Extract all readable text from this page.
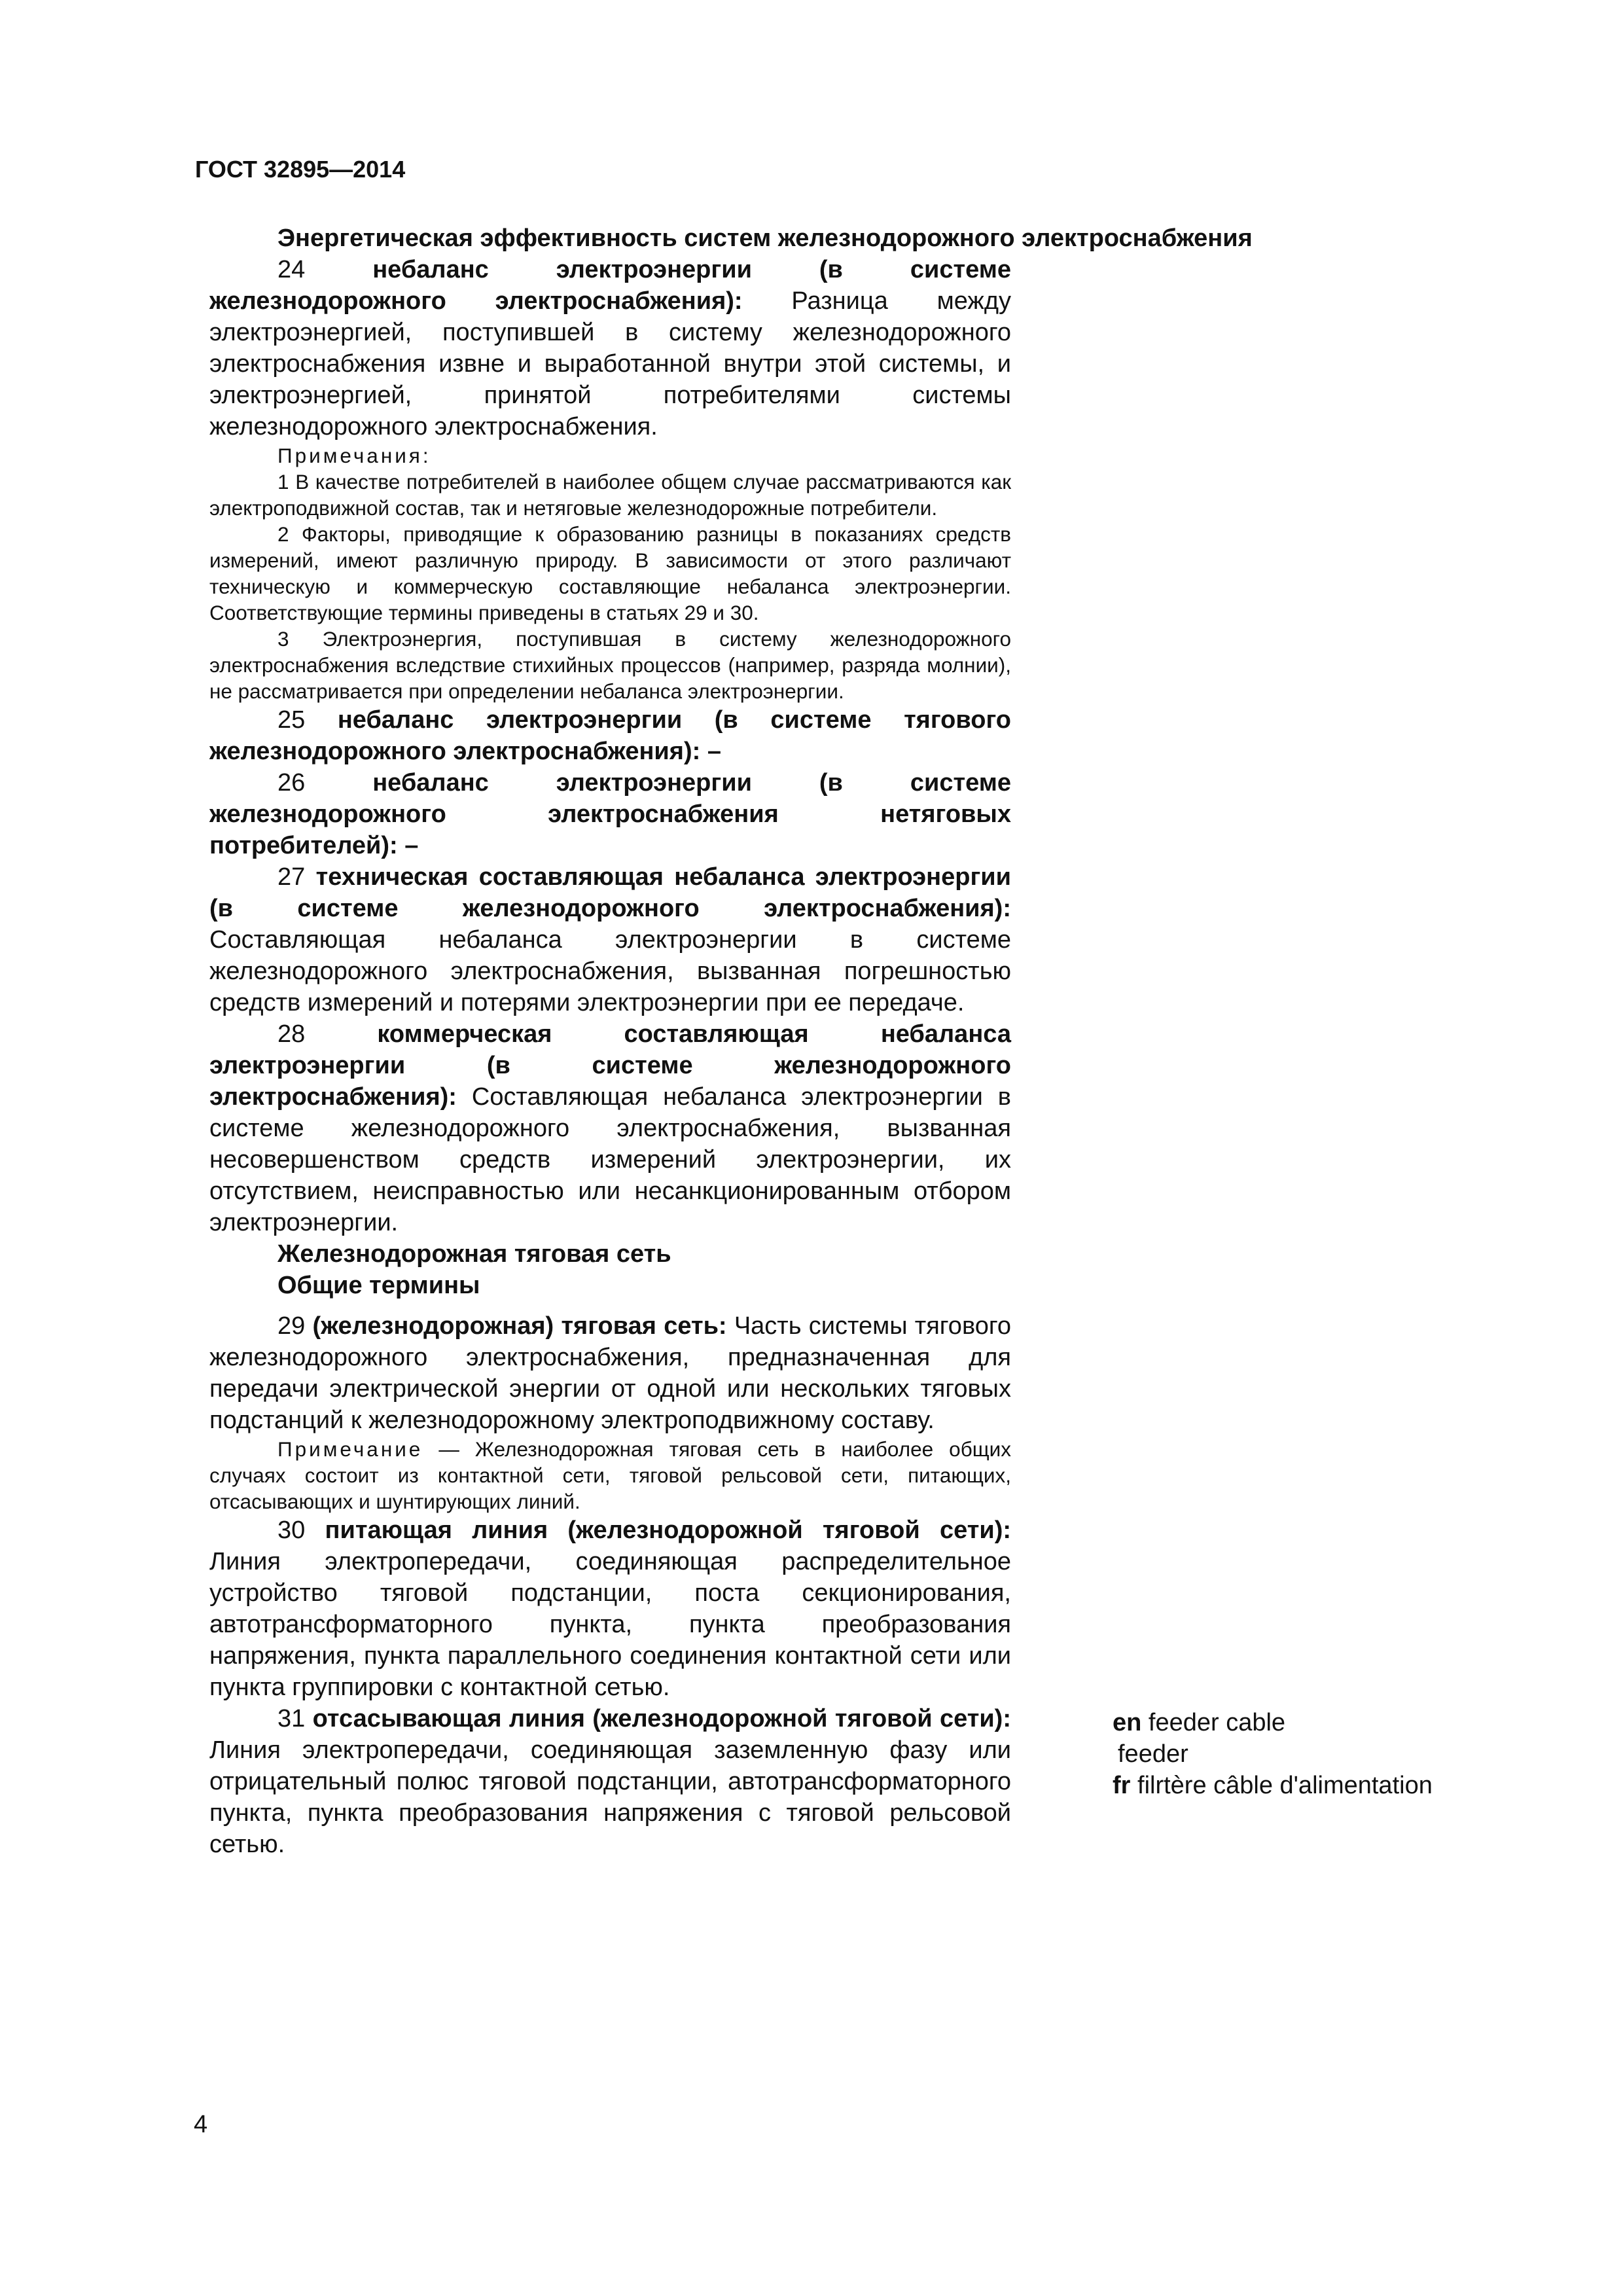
ГОСТ 32895—2014

Энергетическая эффективность систем железнодорожного электроснабжения

24 небаланс электроэнергии (в системе железнодорожного электроснабжения): Разница между электроэнергией, поступившей в систему железнодорожного электроснабжения извне и выработанной внутри этой системы, и электроэнергией, принятой потребителями системы железнодорожного электроснабжения.

Примечания:

1 В качестве потребителей в наиболее общем случае рассматриваются как электроподвижной состав, так и нетяговые железнодорожные потребители.

2 Факторы, приводящие к образованию разницы в показаниях средств измерений, имеют различную природу. В зависимости от этого различают техническую и коммерческую составляющие небаланса электроэнергии. Соответствующие термины приведены в статьях 29 и 30.

3 Электроэнергия, поступившая в систему железнодорожного электроснабжения вследствие стихийных процессов (например, разряда молнии), не рассматривается при определении небаланса электроэнергии.

25 небаланс электроэнергии (в системе тягового железнодорожного электроснабжения): –

26 небаланс электроэнергии (в системе железнодорожного электроснабжения нетяговых потребителей): –

27 техническая составляющая небаланса электроэнергии (в системе железнодорожного электроснабжения): Составляющая небаланса электроэнергии в системе железнодорожного электроснабжения, вызванная погрешностью средств измерений и потерями электроэнергии при ее передаче.

28 коммерческая составляющая небаланса электроэнергии (в системе железнодорожного электроснабжения): Составляющая небаланса электроэнергии в системе железнодорожного электроснабжения, вызванная несовершенством средств измерений электроэнергии, их отсутствием, неисправностью или несанкционированным отбором электроэнергии.

Железнодорожная тяговая сеть

Общие термины

29 (железнодорожная) тяговая сеть: Часть системы тягового железнодорожного электроснабжения, предназначенная для передачи электрической энергии от одной или нескольких тяговых подстанций к железнодорожному электроподвижному составу.

Примечание — Железнодорожная тяговая сеть в наиболее общих случаях состоит из контактной сети, тяговой рельсовой сети, питающих, отсасывающих и шунтирующих линий.

30 питающая линия (железнодорожной тяговой сети): Линия электропередачи, соединяющая распределительное устройство тяговой подстанции, поста секционирования, автотрансформаторного пункта, пункта преобразования напряжения, пункта параллельного соединения контактной сети или пункта группировки с контактной сетью.

31 отсасывающая линия (железнодорожной тяговой сети): Линия электропередачи, соединяющая заземленную фазу или отрицательный полюс тяговой подстанции, автотрансформаторного пункта, пункта преобразования напряжения с тяговой рельсовой сетью.

en feeder cable
feeder
fr filrtère câble d'alimentation
4
